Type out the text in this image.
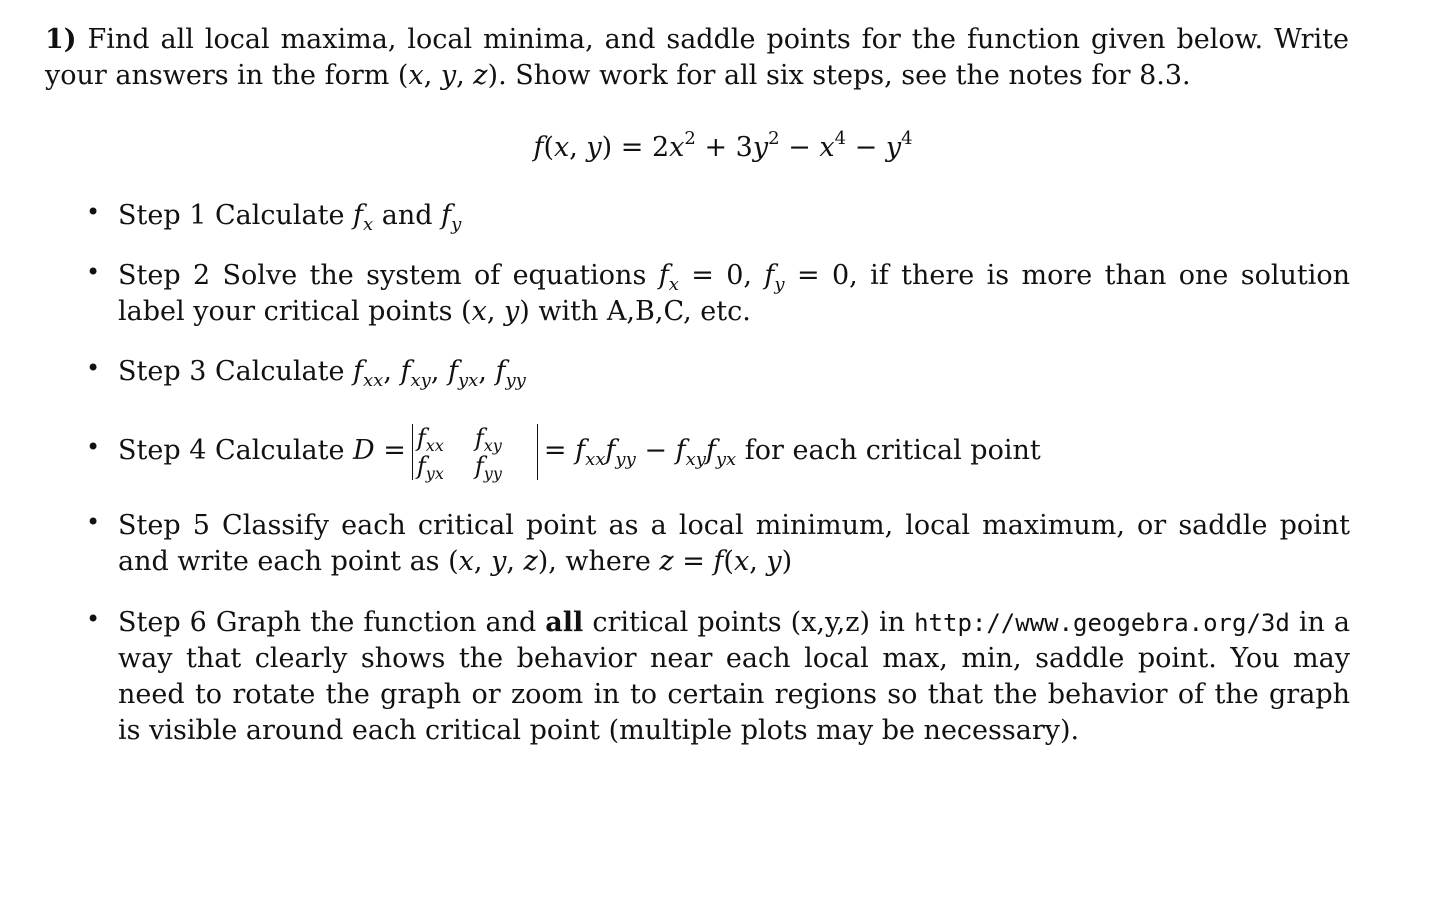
1) Find all local maxima, local minima, and saddle points for the function given below. Write your answers in the form (x, y, z). Show work for all six steps, see the notes for 8.3.
f(x, $y) = 2x^2 + 3y^2 - x^4 - y^4$
• Step 1 Calculate $f_x$ and $f_y$
• Step 2 Solve the system of equations $f_x = 0$, $f_y = 0$, if there is more than one solution label your critical points (x, y) with A,B,C, etc.
• Step 3 Calculate $f_{xx}$, $f_{xy}$, $f_{yx}$, $f_{yy}$
• Step 4 Calculate $D = f_{xx}$ $f_{xy}$
$f_{yx}$ $f_{yy}$
= $f_{xx}f_{yy} - f_{xy}f_{yx}$ for each critical point
• Step 5 Classify each critical point as a local minimum, local maximum, or saddle point and write each point as (x, y, z), where z = f(x, y)
• Step 6 Graph the function and all critical points (x,y,z) in http://www.geogebra.org/3d in a way that clearly shows the behavior near each local max, min, saddle point. You may need to rotate the graph or zoom in to certain regions so that the behavior of the graph is visible around each critical point (multiple plots may be necessary).
